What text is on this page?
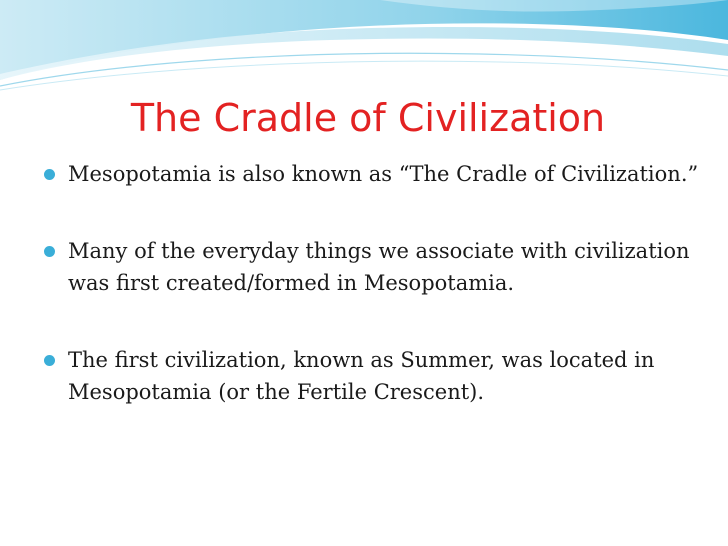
The Cradle of Civilization
Mesopotamia is also known as “The Cradle of Civilization.”
Many of the everyday things we associate with civilization was first created/formed in Mesopotamia.
The first civilization, known as Summer, was located in Mesopotamia (or the Fertile Crescent).
